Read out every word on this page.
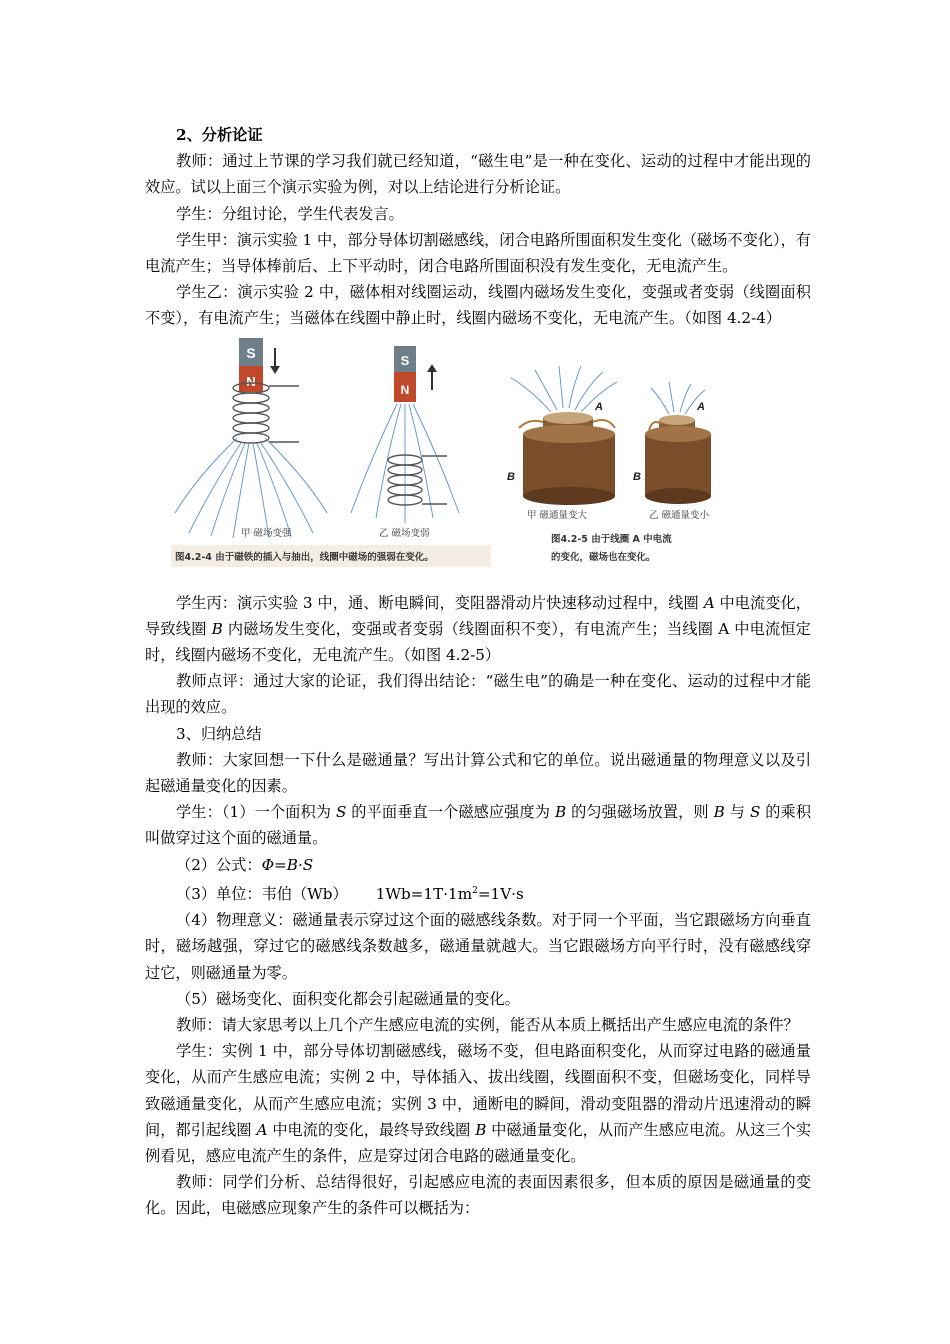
2、分析论证

教师：通过上节课的学习我们就已经知道，“磁生电”是一种在变化、运动的过程中才能出现的效应。试以上面三个演示实验为例，对以上结论进行分析论证。

学生：分组讨论，学生代表发言。

学生甲：演示实验 1 中，部分导体切割磁感线，闭合电路所围面积发生变化（磁场不变化），有电流产生；当导体棒前后、上下平动时，闭合电路所围面积没有发生变化，无电流产生。

学生乙：演示实验 2 中，磁体相对线圈运动，线圈内磁场发生变化，变强或者变弱（线圈面积不变），有电流产生；当磁体在线圈中静止时，线圈内磁场不变化，无电流产生。（如图 4.2-4）

S
N
S
N
甲 磁场变强	乙 磁场变弱
图4.2-4 由于磁铁的插入与抽出，线圈中磁场的强弱在变化。
A
B
A
B
甲 磁通量变大	乙 磁通量变小
图4.2-5 由于线圈 A 中电流
的变化，磁场也在变化。

学生丙：演示实验 3 中，通、断电瞬间，变阻器滑动片快速移动过程中，线圈 A 中电流变化，导致线圈 B 内磁场发生变化，变强或者变弱（线圈面积不变），有电流产生；当线圈 A 中电流恒定时，线圈内磁场不变化，无电流产生。（如图 4.2-5）

教师点评：通过大家的论证，我们得出结论：“磁生电”的确是一种在变化、运动的过程中才能出现的效应。

3、归纳总结

教师：大家回想一下什么是磁通量？写出计算公式和它的单位。说出磁通量的物理意义以及引起磁通量变化的因素。

学生：（1）一个面积为 S 的平面垂直一个磁感应强度为 B 的匀强磁场放置，则 B 与 S 的乘积叫做穿过这个面的磁通量。

（2）公式：Φ=B·S

（3）单位：韦伯（Wb） $1Wb=1T\cdot 1m^2=1V\cdot s$

（4）物理意义：磁通量表示穿过这个面的磁感线条数。对于同一个平面，当它跟磁场方向垂直时，磁场越强，穿过它的磁感线条数越多，磁通量就越大。当它跟磁场方向平行时，没有磁感线穿过它，则磁通量为零。

（5）磁场变化、面积变化都会引起磁通量的变化。

教师：请大家思考以上几个产生感应电流的实例，能否从本质上概括出产生感应电流的条件？

学生：实例 1 中，部分导体切割磁感线，磁场不变，但电路面积变化，从而穿过电路的磁通量变化，从而产生感应电流；实例 2 中，导体插入、拔出线圈，线圈面积不变，但磁场变化，同样导致磁通量变化，从而产生感应电流；实例 3 中，通断电的瞬间，滑动变阻器的滑动片迅速滑动的瞬间，都引起线圈 A 中电流的变化，最终导致线圈 B 中磁通量变化，从而产生感应电流。从这三个实例看见，感应电流产生的条件，应是穿过闭合电路的磁通量变化。

教师：同学们分析、总结得很好，引起感应电流的表面因素很多，但本质的原因是磁通量的变化。因此，电磁感应现象产生的条件可以概括为：
